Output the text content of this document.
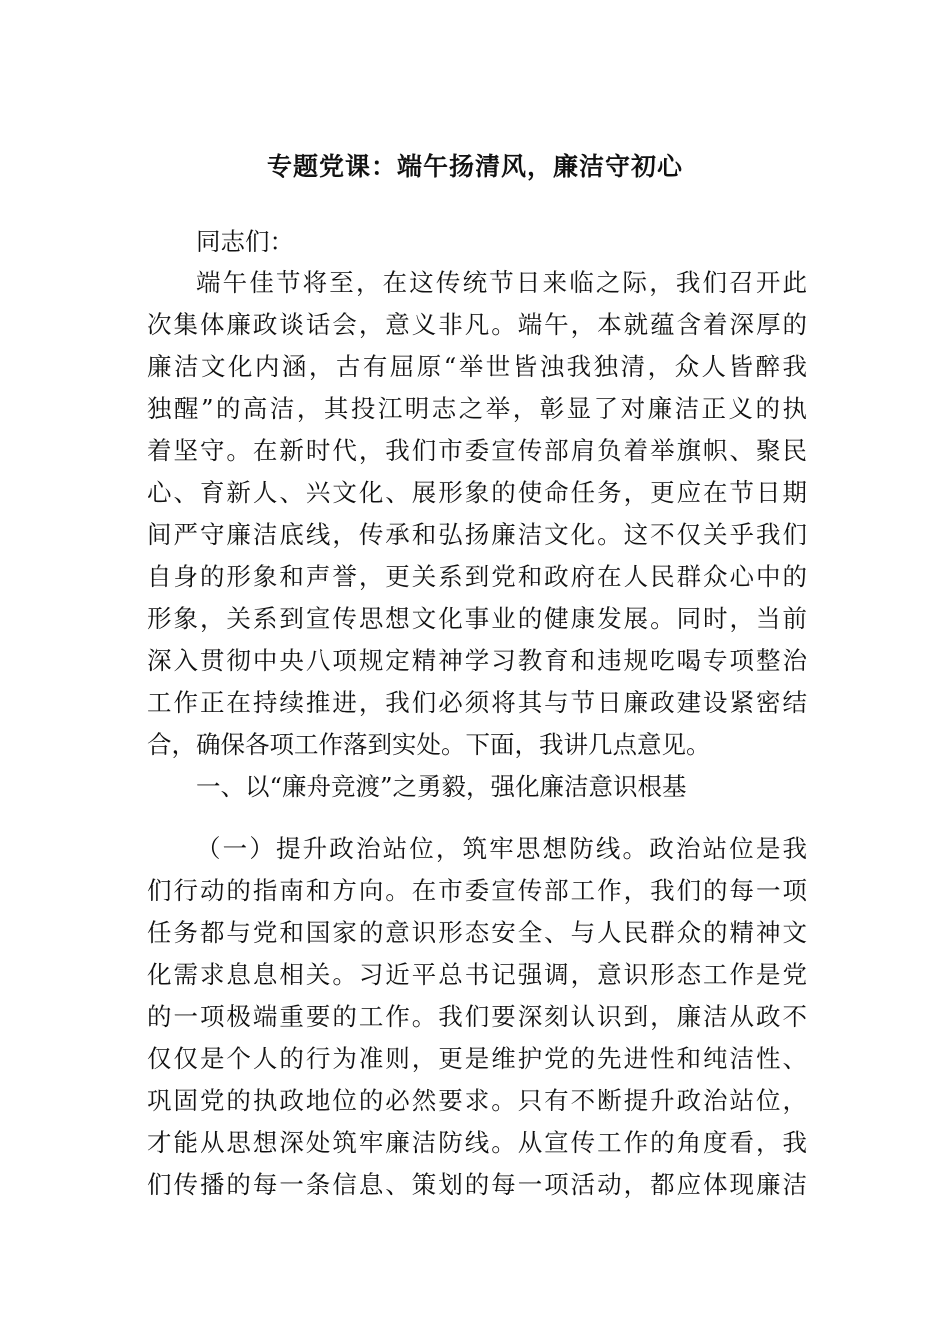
专题党课：端午扬清风，廉洁守初心
同志们：
端午佳节将至，在这传统节日来临之际，我们召开此
次集体廉政谈话会，意义非凡。端午，本就蕴含着深厚的
廉洁文化内涵，古有屈原“举世皆浊我独清，众人皆醉我
独醒”的高洁，其投江明志之举，彰显了对廉洁正义的执
着坚守。在新时代，我们市委宣传部肩负着举旗帜、聚民
心、育新人、兴文化、展形象的使命任务，更应在节日期
间严守廉洁底线，传承和弘扬廉洁文化。这不仅关乎我们
自身的形象和声誉，更关系到党和政府在人民群众心中的
形象，关系到宣传思想文化事业的健康发展。同时，当前
深入贯彻中央八项规定精神学习教育和违规吃喝专项整治
工作正在持续推进，我们必须将其与节日廉政建设紧密结
合，确保各项工作落到实处。下面，我讲几点意见。
一、以“廉舟竞渡”之勇毅，强化廉洁意识根基
（一）提升政治站位，筑牢思想防线。政治站位是我
们行动的指南和方向。在市委宣传部工作，我们的每一项
任务都与党和国家的意识形态安全、与人民群众的精神文
化需求息息相关。习近平总书记强调，意识形态工作是党
的一项极端重要的工作。我们要深刻认识到，廉洁从政不
仅仅是个人的行为准则，更是维护党的先进性和纯洁性、
巩固党的执政地位的必然要求。只有不断提升政治站位，
才能从思想深处筑牢廉洁防线。从宣传工作的角度看，我
们传播的每一条信息、策划的每一项活动，都应体现廉洁
